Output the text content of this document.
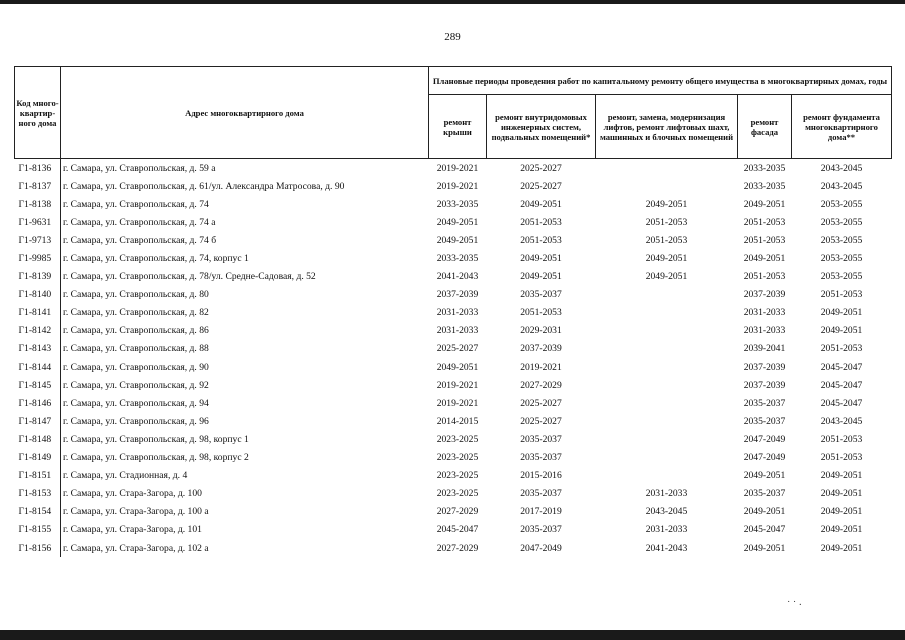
289
Код много-квартир-ного дома	Адрес многоквартирного дома	Плановые периоды проведения работ по капитальному ремонту общего имущества в многоквартирных домах, годы				
		ремонт крыши	ремонт внутридомовых инженерных систем, подвальных помещений*	ремонт, замена, модернизация лифтов, ремонт лифтовых шахт, машинных и блочных помещений	ремонт фасада	ремонт фундамента многоквартирного дома**
Г1-8136	г. Самара, ул. Ставропольская, д. 59 а	2019-2021	2025-2027		2033-2035	2043-2045
Г1-8137	г. Самара, ул. Ставропольская, д. 61/ул. Александра Матросова, д. 90	2019-2021	2025-2027		2033-2035	2043-2045
Г1-8138	г. Самара, ул. Ставропольская, д. 74	2033-2035	2049-2051	2049-2051	2049-2051	2053-2055
Г1-9631	г. Самара, ул. Ставропольская, д. 74 а	2049-2051	2051-2053	2051-2053	2051-2053	2053-2055
Г1-9713	г. Самара, ул. Ставропольская, д. 74 б	2049-2051	2051-2053	2051-2053	2051-2053	2053-2055
Г1-9985	г. Самара, ул. Ставропольская, д. 74, корпус 1	2033-2035	2049-2051	2049-2051	2049-2051	2053-2055
Г1-8139	г. Самара, ул. Ставропольская, д. 78/ул. Средне-Садовая, д. 52	2041-2043	2049-2051	2049-2051	2051-2053	2053-2055
Г1-8140	г. Самара, ул. Ставропольская, д. 80	2037-2039	2035-2037		2037-2039	2051-2053
Г1-8141	г. Самара, ул. Ставропольская, д. 82	2031-2033	2051-2053		2031-2033	2049-2051
Г1-8142	г. Самара, ул. Ставропольская, д. 86	2031-2033	2029-2031		2031-2033	2049-2051
Г1-8143	г. Самара, ул. Ставропольская, д. 88	2025-2027	2037-2039		2039-2041	2051-2053
Г1-8144	г. Самара, ул. Ставропольская, д. 90	2049-2051	2019-2021		2037-2039	2045-2047
Г1-8145	г. Самара, ул. Ставропольская, д. 92	2019-2021	2027-2029		2037-2039	2045-2047
Г1-8146	г. Самара, ул. Ставропольская, д. 94	2019-2021	2025-2027		2035-2037	2045-2047
Г1-8147	г. Самара, ул. Ставропольская, д. 96	2014-2015	2025-2027		2035-2037	2043-2045
Г1-8148	г. Самара, ул. Ставропольская, д. 98, корпус 1	2023-2025	2035-2037		2047-2049	2051-2053
Г1-8149	г. Самара, ул. Ставропольская, д. 98, корпус 2	2023-2025	2035-2037		2047-2049	2051-2053
Г1-8151	г. Самара, ул. Стадионная, д. 4	2023-2025	2015-2016		2049-2051	2049-2051
Г1-8153	г. Самара, ул. Стара-Загора, д. 100	2023-2025	2035-2037	2031-2033	2035-2037	2049-2051
Г1-8154	г. Самара, ул. Стара-Загора, д. 100 а	2027-2029	2017-2019	2043-2045	2049-2051	2049-2051
Г1-8155	г. Самара, ул. Стара-Загора, д. 101	2045-2047	2035-2037	2031-2033	2045-2047	2049-2051
Г1-8156	г. Самара, ул. Стара-Загора, д. 102 а	2027-2029	2047-2049	2041-2043	2049-2051	2049-2051
˙ ˙ ·
